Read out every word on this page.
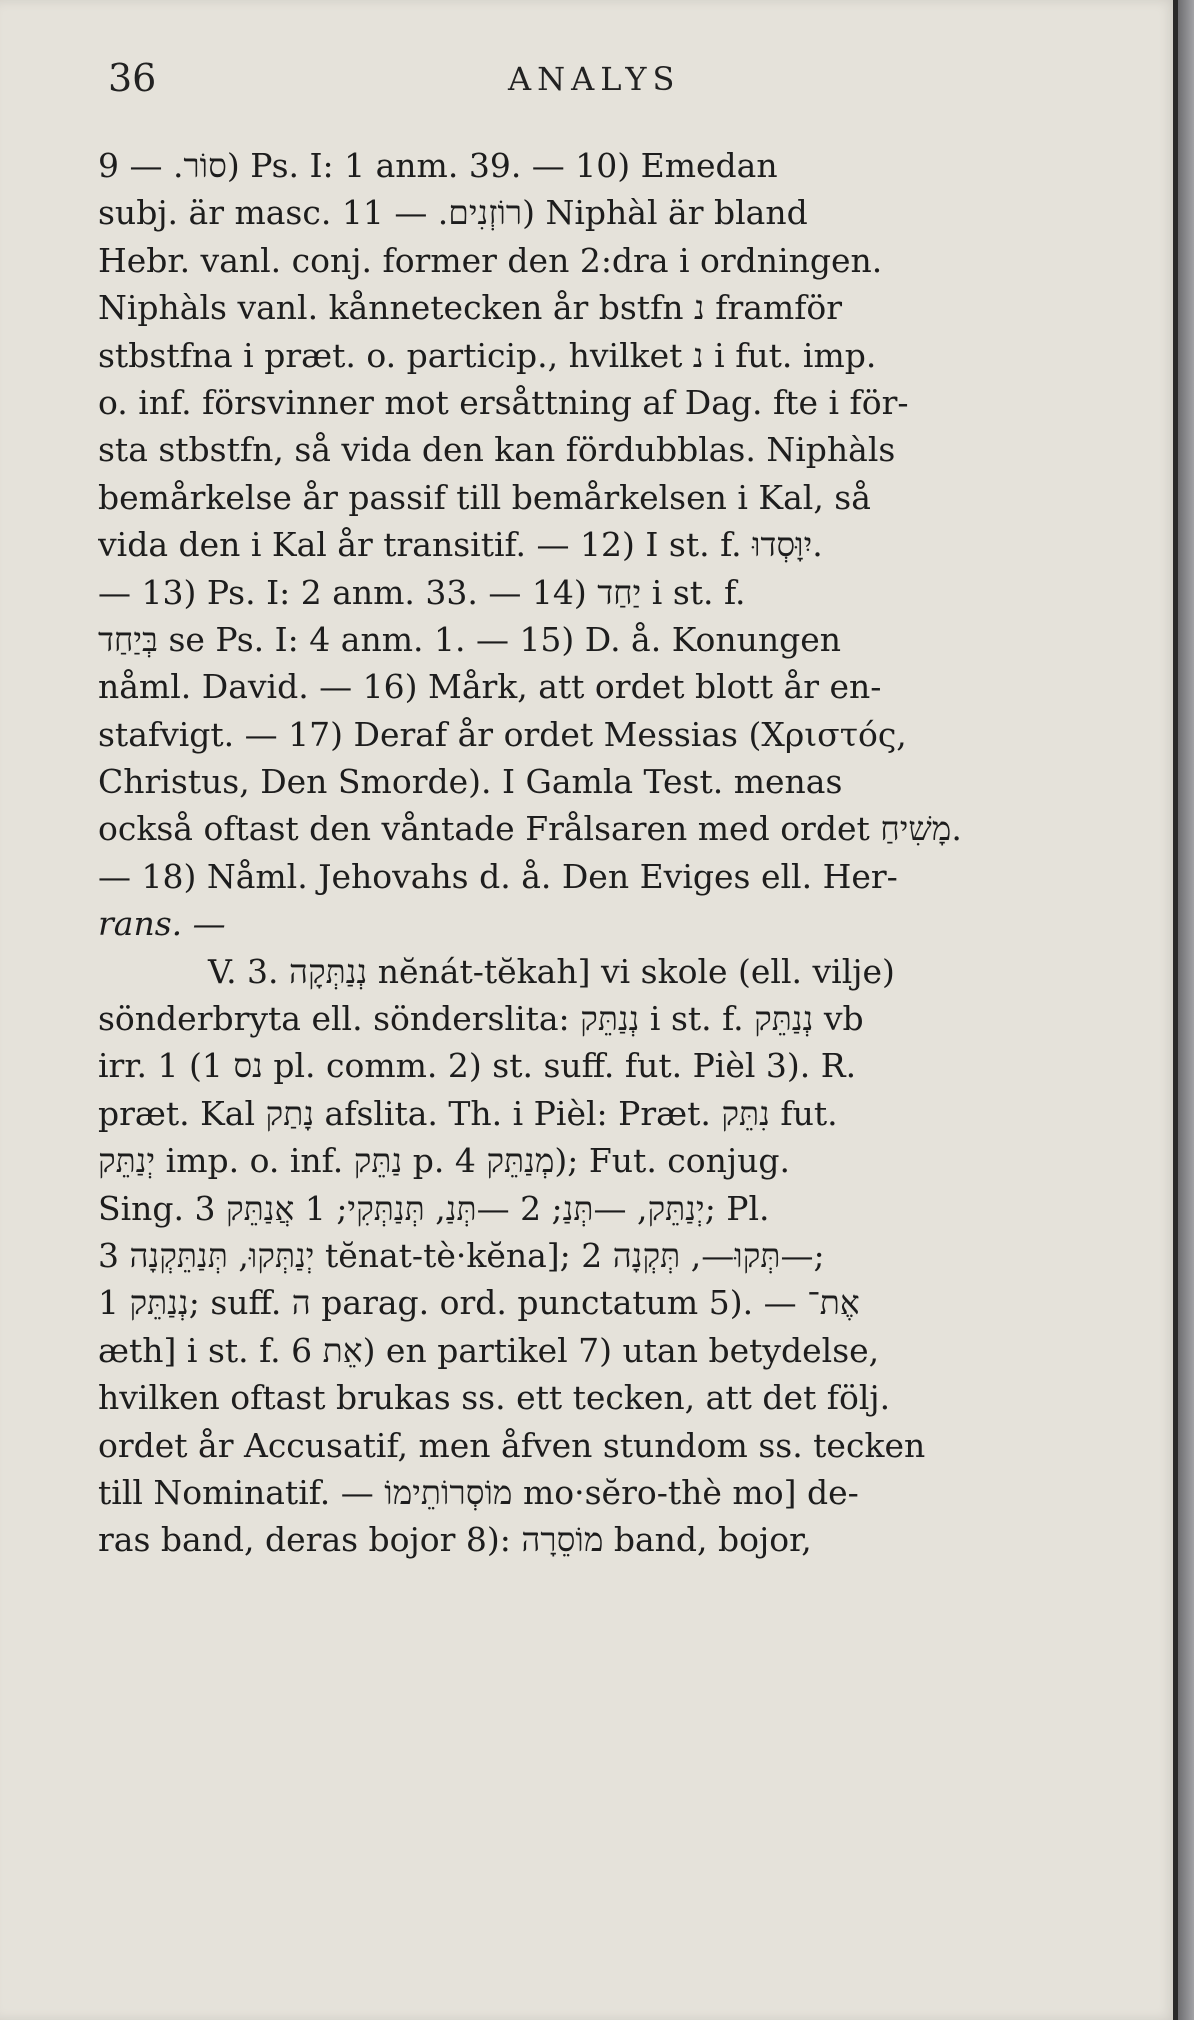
36	ANALYS
סוֹר. — 9) Ps. I: 1 anm. 39. — 10) Emedan
subj. är masc. רוֹזְנִים. — 11) Niphàl är bland
Hebr. vanl. conj. former den 2:dra i ordningen.
Niphàls vanl. kånnetecken år bstfn נ framför
stbstfna i præt. o. particip., hvilket נ i fut. imp.
o. inf. försvinner mot ersåttning af Dag. fte i för-
sta stbstfn, så vida den kan fördubblas. Niphàls
bemårkelse år passif till bemårkelsen i Kal, så
vida den i Kal år transitif. — 12) I st. f. יִוָּסְדוּ.
— 13) Ps. I: 2 anm. 33. — 14) יַחַד i st. f.
בְּיַחַד se Ps. I: 4 anm. 1. — 15) D. å. Konungen
nåml. David. — 16) Mårk, att ordet blott år en-
stafvigt. — 17) Deraf år ordet Messias (Χριστός,
Christus, Den Smorde). I Gamla Test. menas
också oftast den våntade Frålsaren med ordet מָשִׁיחַ.
— 18) Nåml. Jehovahs d. å. Den Eviges ell. Her-
rans. —
V. 3. נְנַתְּקָה nĕnát-tĕkah] vi skole (ell. vilje)
sönderbryta ell. sönderslita: נְנַתֵּק i st. f. נְנַתֵּק vb
irr. נס 1) 1 pl. comm. 2) st. suff. fut. Pièl 3). R.
præt. Kal נָתַק afslita. Th. i Pièl: Præt. נִתֵּק fut.
יְנַתֵּק imp. o. inf. נַתֵּק p. מְנַתֵּק 4); Fut. conjug.
Sing. 3 יְנַתֵּק, —תְּנַ; 2 —תְּנַ, תְּנַתְּקִי; 1 אֲנַתֵּק; Pl.
3 יְנַתְּקוּ, תְּנַתֵּקְנָה tĕnat-tè·kĕna]; 2 תְּקוּ—, תְּקְנָה—;
1 נְנַתֵּק; suff. ה parag. ord. punctatum 5). — אֶת־
æth] i st. f. אֵת 6) en partikel 7) utan betydelse,
hvilken oftast brukas ss. ett tecken, att det följ.
ordet år Accusatif, men åfven stundom ss. tecken
till Nominatif. — מוֹסְרוֹתֵימוֹ mo·sĕro-thè mo] de-
ras band, deras bojor 8): מוֹסֵרָה band, bojor,
